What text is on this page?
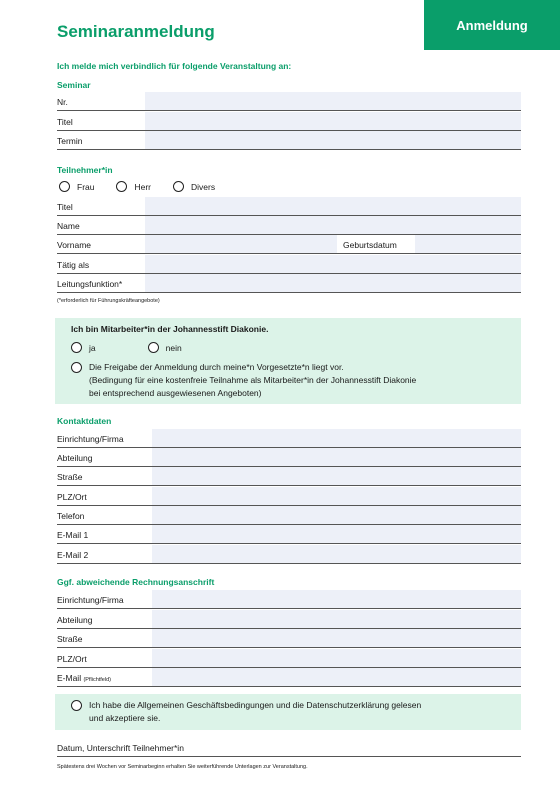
Anmeldung
Seminaranmeldung
Ich melde mich verbindlich für folgende Veranstaltung an:
Seminar
Nr.
Titel
Termin
Teilnehmer*in
Frau	Herr	Divers
Titel
Name
Vorname	Geburtsdatum
Tätig als
Leitungsfunktion*
(*erforderlich für Führungskräfteangebote)
Ich bin Mitarbeiter*in der Johannesstift Diakonie.
ja	nein
Die Freigabe der Anmeldung durch meine*n Vorgesetzte*n liegt vor.
(Bedingung für eine kostenfreie Teilnahme als Mitarbeiter*in der Johannesstift Diakonie
bei entsprechend ausgewiesenen Angeboten)
Kontaktdaten
Einrichtung/Firma
Abteilung
Straße
PLZ/Ort
Telefon
E-Mail 1
E-Mail 2
Ggf. abweichende Rechnungsanschrift
Einrichtung/Firma
Abteilung
Straße
PLZ/Ort
E-Mail (Pflichtfeld)
Ich habe die Allgemeinen Geschäftsbedingungen und die Datenschutzerklärung gelesen
und akzeptiere sie.
Datum, Unterschrift Teilnehmer*in
Spätestens drei Wochen vor Seminarbeginn erhalten Sie weiterführende Unterlagen zur Veranstaltung.
